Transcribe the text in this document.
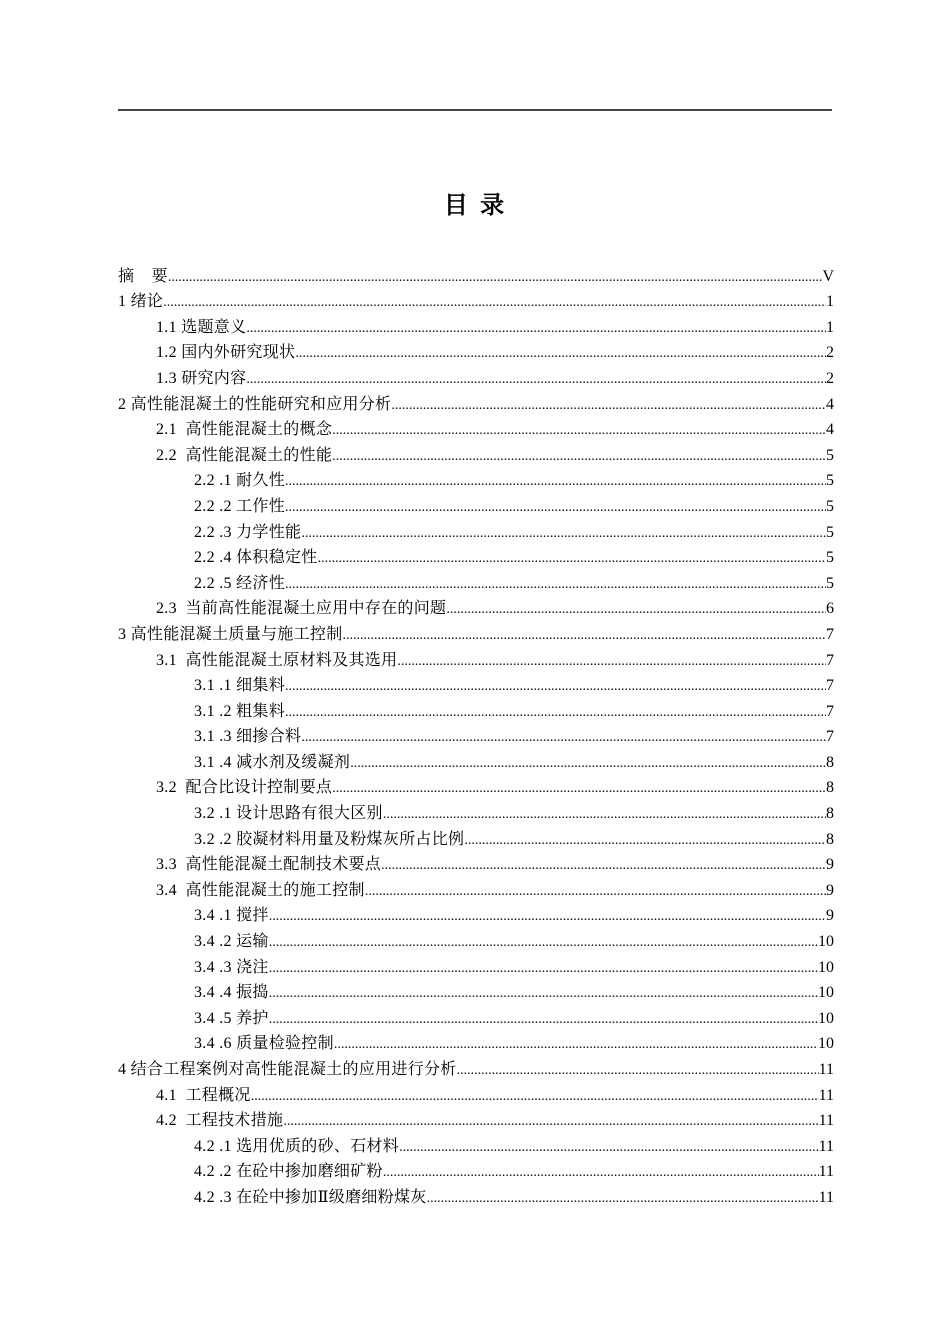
目 录
摘    要 .....	V
1 绪论 .....	1
1.1 选题意义 .....	1
1.2 国内外研究现状 .....	2
1.3 研究内容 .....	2
2 高性能混凝土的性能研究和应用分析 .....	4
2.1  高性能混凝土的概念 .....	4
2.2  高性能混凝土的性能 .....	5
2.2 .1 耐久性 .....	5
2.2 .2 工作性 .....	5
2.2 .3 力学性能 .....	5
2.2 .4 体积稳定性 .....	5
2.2 .5 经济性 .....	5
2.3  当前高性能混凝土应用中存在的问题 .....	6
3 高性能混凝土质量与施工控制 .....	7
3.1  高性能混凝土原材料及其选用 .....	7
3.1 .1 细集料 .....	7
3.1 .2 粗集料 .....	7
3.1 .3 细掺合料 .....	7
3.1 .4 减水剂及缓凝剂 .....	8
3.2  配合比设计控制要点 .....	8
3.2 .1 设计思路有很大区别 .....	8
3.2 .2 胶凝材料用量及粉煤灰所占比例 .....	8
3.3  高性能混凝土配制技术要点 .....	9
3.4  高性能混凝土的施工控制 .....	9
3.4 .1 搅拌 .....	9
3.4 .2 运输 .....	10
3.4 .3 浇注 .....	10
3.4 .4 振捣 .....	10
3.4 .5 养护 .....	10
3.4 .6 质量检验控制 .....	10
4 结合工程案例对高性能混凝土的应用进行分析 .....	11
4.1  工程概况 .....	11
4.2  工程技术措施 .....	11
4.2 .1 选用优质的砂、石材料 .....	11
4.2 .2 在砼中掺加磨细矿粉 .....	11
4.2 .3 在砼中掺加Ⅱ级磨细粉煤灰 .....	11
